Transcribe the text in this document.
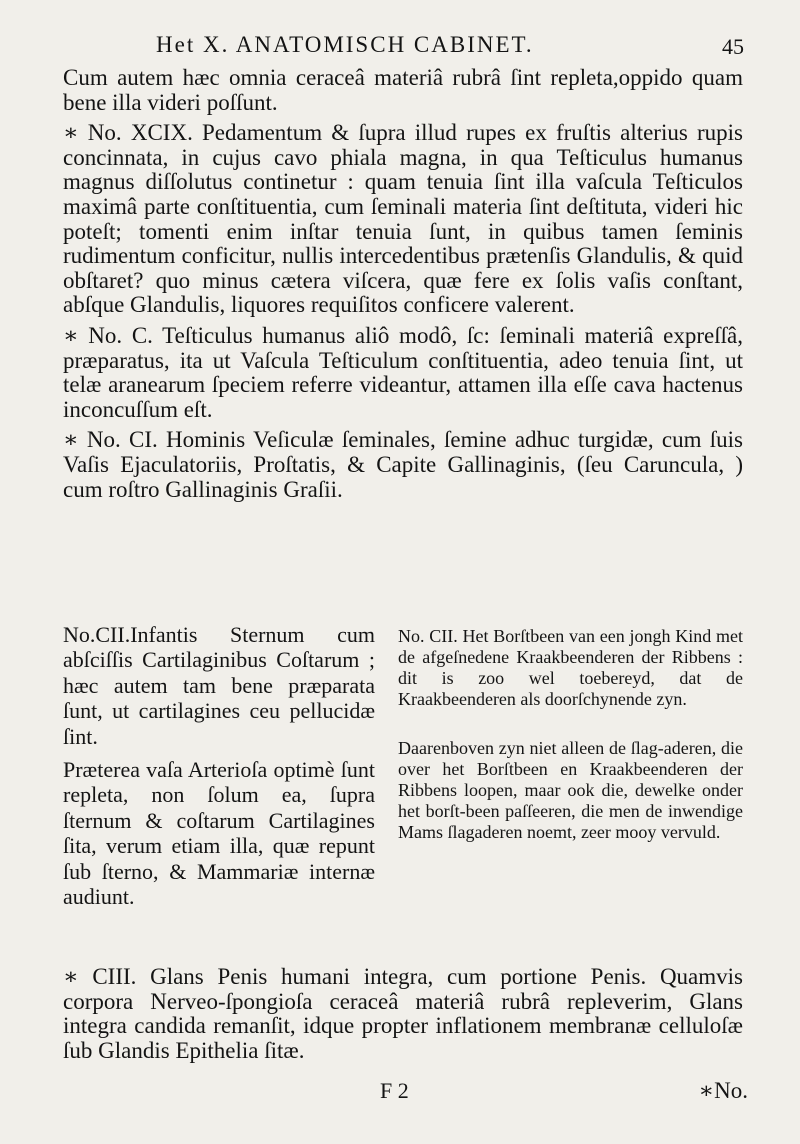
Het X. ANATOMISCH CABINET.	45

Cum autem hæc omnia ceraceâ materiâ rubrâ ſint repleta,oppido quam bene illa videri poſſunt.

∗ No. XCIX. Pedamentum & ſupra illud rupes ex fruſtis alterius rupis concinnata, in cujus cavo phiala magna, in qua Teſticulus humanus magnus diſſolutus continetur : quam tenuia ſint illa vaſcula Teſticulos maximâ parte conſtituentia, cum ſeminali materia ſint deſtituta, videri hic poteſt; tomenti enim inſtar tenuia ſunt, in quibus tamen ſeminis rudimentum conficitur, nullis intercedentibus prætenſis Glandulis, & quid obſtaret? quo minus cætera viſcera, quæ fere ex ſolis vaſis conſtant, abſque Glandulis, liquores requiſitos conficere valerent.

∗ No. C. Teſticulus humanus aliô modô, ſc: ſeminali materiâ expreſſâ, præparatus, ita ut Vaſcula Teſticulum conſtituentia, adeo tenuia ſint, ut telæ aranearum ſpeciem referre videantur, attamen illa eſſe cava hactenus inconcuſſum eſt.

∗ No. CI. Hominis Veſiculæ ſeminales, ſemine adhuc turgidæ, cum ſuis Vaſis Ejaculatoriis, Proſtatis, & Capite Gallinaginis, (ſeu Caruncula, ) cum roſtro Gallinaginis Graſii.

No.CII.Infantis Sternum cum abſciſſis Cartilaginibus Coſtarum ; hæc autem tam bene præparata ſunt, ut cartilagines ceu pellucidæ ſint.

Præterea vaſa Arterioſa optimè ſunt repleta, non ſolum ea, ſupra ſternum & coſtarum Cartilagines ſita, verum etiam illa, quæ repunt ſub ſterno, & Mammariæ internæ audiunt.

No. CII. Het Borſtbeen van een jongh Kind met de afgeſnedene Kraakbeenderen der Ribbens : dit is zoo wel toebereyd, dat de Kraakbeenderen als doorſchynende zyn.

Daarenboven zyn niet alleen de ſlag-aderen, die over het Borſtbeen en Kraakbeenderen der Ribbens loopen, maar ook die, dewelke onder het borſt-been paſſeeren, die men de inwendige Mams ſlagaderen noemt, zeer mooy vervuld.

∗ CIII. Glans Penis humani integra, cum portione Penis. Quamvis corpora Nerveo-ſpongioſa ceraceâ materiâ rubrâ repleverim, Glans integra candida remanſit, idque propter inflationem membranæ celluloſæ ſub Glandis Epithelia ſitæ.

F 2	∗No.
